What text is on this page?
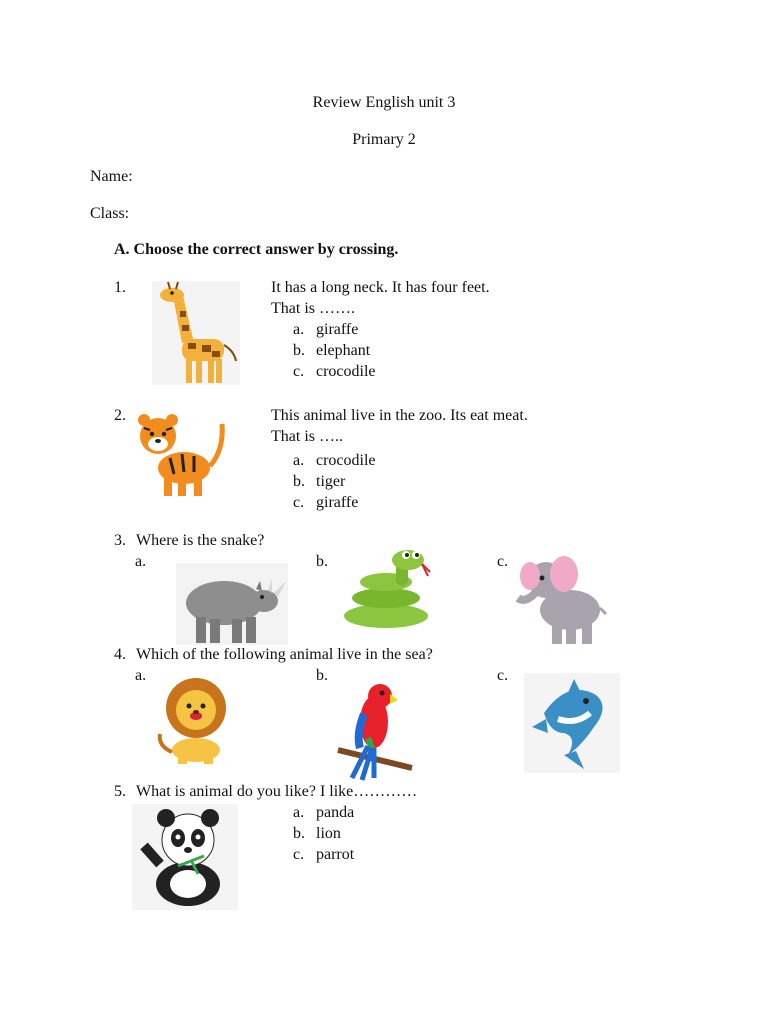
Review English unit 3
Primary 2
Name:
Class:
A. Choose the correct answer by crossing.
1.	It has a long neck. It has four feet.
That is …….
a. giraffe
b. elephant
c. crocodile
2.	This animal live in the zoo. Its eat meat.
That is …..
a. crocodile
b. tiger
c. giraffe
3. Where is the snake?
a.	b.	c.
4. Which of the following animal live in the sea?
a.	b.	c.
5. What is animal do you like? I like…………
a. panda
b. lion
c. parrot
